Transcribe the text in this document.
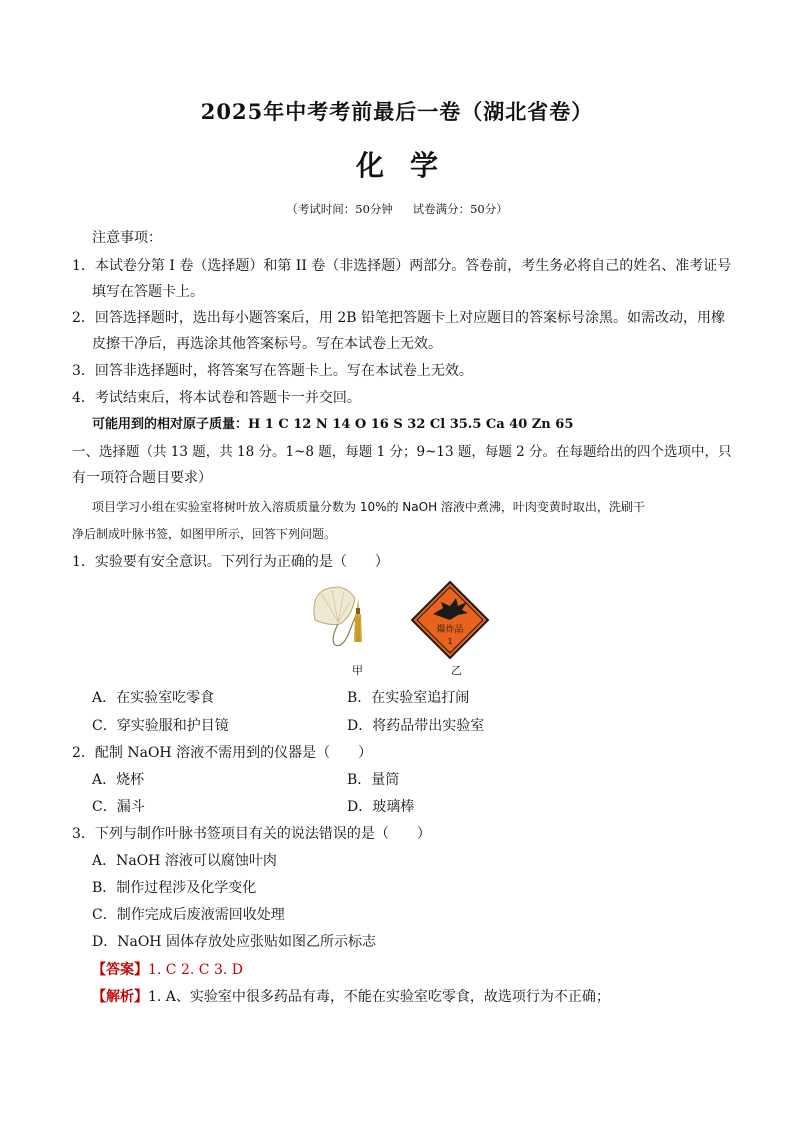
2025年中考考前最后一卷（湖北省卷）
化学
（考试时间：50分钟 试卷满分：50分）
注意事项：
1．本试卷分第 I 卷（选择题）和第 II 卷（非选择题）两部分。答卷前，考生务必将自己的姓名、准考证号
填写在答题卡上。
2．回答选择题时，选出每小题答案后，用 2B 铅笔把答题卡上对应题目的答案标号涂黑。如需改动，用橡
皮擦干净后，再选涂其他答案标号。写在本试卷上无效。
3．回答非选择题时，将答案写在答题卡上。写在本试卷上无效。
4．考试结束后，将本试卷和答题卡一并交回。
可能用到的相对原子质量：H 1 C 12 N 14 O 16 S 32 Cl 35.5 Ca 40 Zn 65
一、选择题（共 13 题，共 18 分。1~8 题，每题 1 分；9~13 题，每题 2 分。在每题给出的四个选项中，只
有一项符合题目要求）
项目学习小组在实验室将树叶放入溶质质量分数为 10%的 NaOH 溶液中煮沸，叶肉变黄时取出，洗刷干
净后制成叶脉书签，如图甲所示，回答下列问题。
1．实验要有安全意识。下列行为正确的是（　　）
爆炸品
1
甲	乙
A．在实验室吃零食	B．在实验室追打闹
C．穿实验服和护目镜	D．将药品带出实验室
2．配制 NaOH 溶液不需用到的仪器是（　　）
A．烧杯	B．量筒
C．漏斗	D．玻璃棒
3．下列与制作叶脉书签项目有关的说法错误的是（　　）
A．NaOH 溶液可以腐蚀叶肉
B．制作过程涉及化学变化
C．制作完成后废液需回收处理
D．NaOH 固体存放处应张贴如图乙所示标志
【答案】1. C 2. C 3. D
【解析】1. A、实验室中很多药品有毒，不能在实验室吃零食，故选项行为不正确；
